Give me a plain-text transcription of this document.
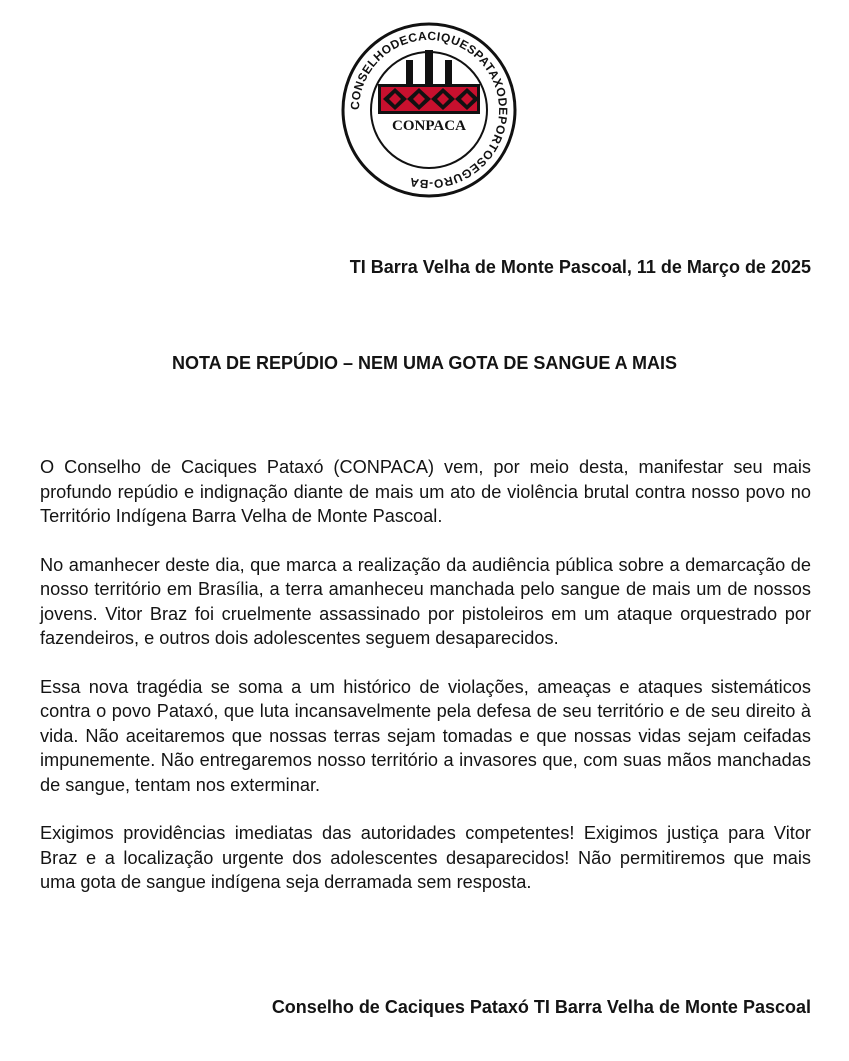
CONSELHODECACIQUESPATAXODEPORTOSEGURO-BA
CONPACA
TI Barra Velha de Monte Pascoal, 11 de Março de 2025
NOTA DE REPÚDIO – NEM UMA GOTA DE SANGUE A MAIS

O Conselho de Caciques Pataxó (CONPACA) vem, por meio desta, manifestar seu mais profundo repúdio e indignação diante de mais um ato de violência brutal contra nosso povo no Território Indígena Barra Velha de Monte Pascoal.

No amanhecer deste dia, que marca a realização da audiência pública sobre a demarcação de nosso território em Brasília, a terra amanheceu manchada pelo sangue de mais um de nossos jovens. Vitor Braz foi cruelmente assassinado por pistoleiros em um ataque orquestrado por fazendeiros, e outros dois adolescentes seguem desaparecidos.

Essa nova tragédia se soma a um histórico de violações, ameaças e ataques sistemáticos contra o povo Pataxó, que luta incansavelmente pela defesa de seu território e de seu direito à vida. Não aceitaremos que nossas terras sejam tomadas e que nossas vidas sejam ceifadas impunemente. Não entregaremos nosso território a invasores que, com suas mãos manchadas de sangue, tentam nos exterminar.

Exigimos providências imediatas das autoridades competentes! Exigimos justiça para Vitor Braz e a localização urgente dos adolescentes desaparecidos! Não permitiremos que mais uma gota de sangue indígena seja derramada sem resposta.

Conselho de Caciques Pataxó TI Barra Velha de Monte Pascoal
